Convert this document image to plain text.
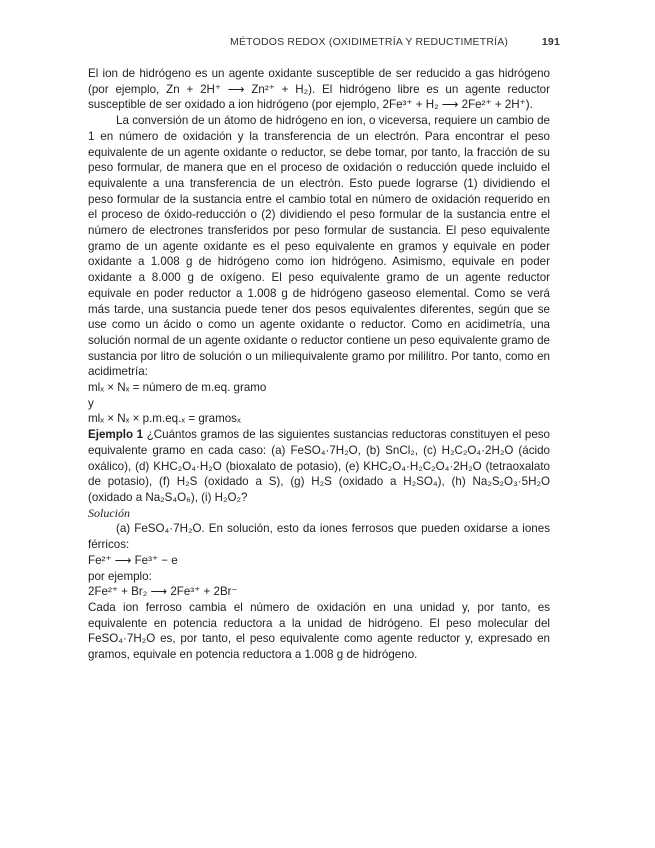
MÉTODOS REDOX (OXIDIMETRÍA Y REDUCTIMETRÍA)	191

El ion de hidrógeno es un agente oxidante susceptible de ser reducido a gas hidrógeno (por ejemplo, Zn + 2H⁺ ⟶ Zn²⁺ + H₂). El hidrógeno libre es un agente reductor susceptible de ser oxidado a ion hidrógeno (por ejemplo, 2Fe³⁺ + H₂ ⟶ 2Fe²⁺ + 2H⁺).

La conversión de un átomo de hidrógeno en ion, o viceversa, requiere un cambio de 1 en número de oxidación y la transferencia de un electrón. Para encontrar el peso equivalente de un agente oxidante o reductor, se debe tomar, por tanto, la fracción de su peso formular, de manera que en el proceso de oxidación o reducción quede incluido el equivalente a una transferencia de un electrón. Esto puede lograrse (1) dividiendo el peso formular de la sustancia entre el cambio total en número de oxidación requerido en el proceso de óxido-reducción o (2) dividiendo el peso formular de la sustancia entre el número de electrones transferidos por peso formular de sustancia. El peso equivalente gramo de un agente oxidante es el peso equivalente en gramos y equivale en poder oxidante a 1.008 g de hidrógeno como ion hidrógeno. Asimismo, equivale en poder oxidante a 8.000 g de oxígeno. El peso equivalente gramo de un agente reductor equivale en poder reductor a 1.008 g de hidrógeno gaseoso elemental. Como se verá más tarde, una sustancia puede tener dos pesos equivalentes diferentes, según que se use como un ácido o como un agente oxidante o reductor. Como en acidimetría, una solución normal de un agente oxidante o reductor contiene un peso equivalente gramo de sustancia por litro de solución o un miliequivalente gramo por mililitro. Por tanto, como en acidimetría:

mlₓ × Nₓ = número de m.eq. gramo

y

mlₓ × Nₓ × p.m.eq.ₓ = gramosₓ

Ejemplo 1 ¿Cuántos gramos de las siguientes sustancias reductoras constituyen el peso equivalente gramo en cada caso: (a) FeSO₄·7H₂O, (b) SnCl₂, (c) H₂C₂O₄·2H₂O (ácido oxálico), (d) KHC₂O₄·H₂O (bioxalato de potasio), (e) KHC₂O₄·H₂C₂O₄·2H₂O (tetraoxalato de potasio), (f) H₂S (oxidado a S), (g) H₂S (oxidado a H₂SO₄), (h) Na₂S₂O₃·5H₂O (oxidado a Na₂S₄O₆), (i) H₂O₂?

Solución

(a) FeSO₄·7H₂O. En solución, esto da iones ferrosos que pueden oxidarse a iones férricos:

Fe²⁺ ⟶ Fe³⁺ − e

por ejemplo:

2Fe²⁺ + Br₂ ⟶ 2Fe³⁺ + 2Br⁻

Cada ion ferroso cambia el número de oxidación en una unidad y, por tanto, es equivalente en potencia reductora a la unidad de hidrógeno. El peso molecular del FeSO₄·7H₂O es, por tanto, el peso equivalente como agente reductor y, expresado en gramos, equivale en potencia reductora a 1.008 g de hidrógeno.
